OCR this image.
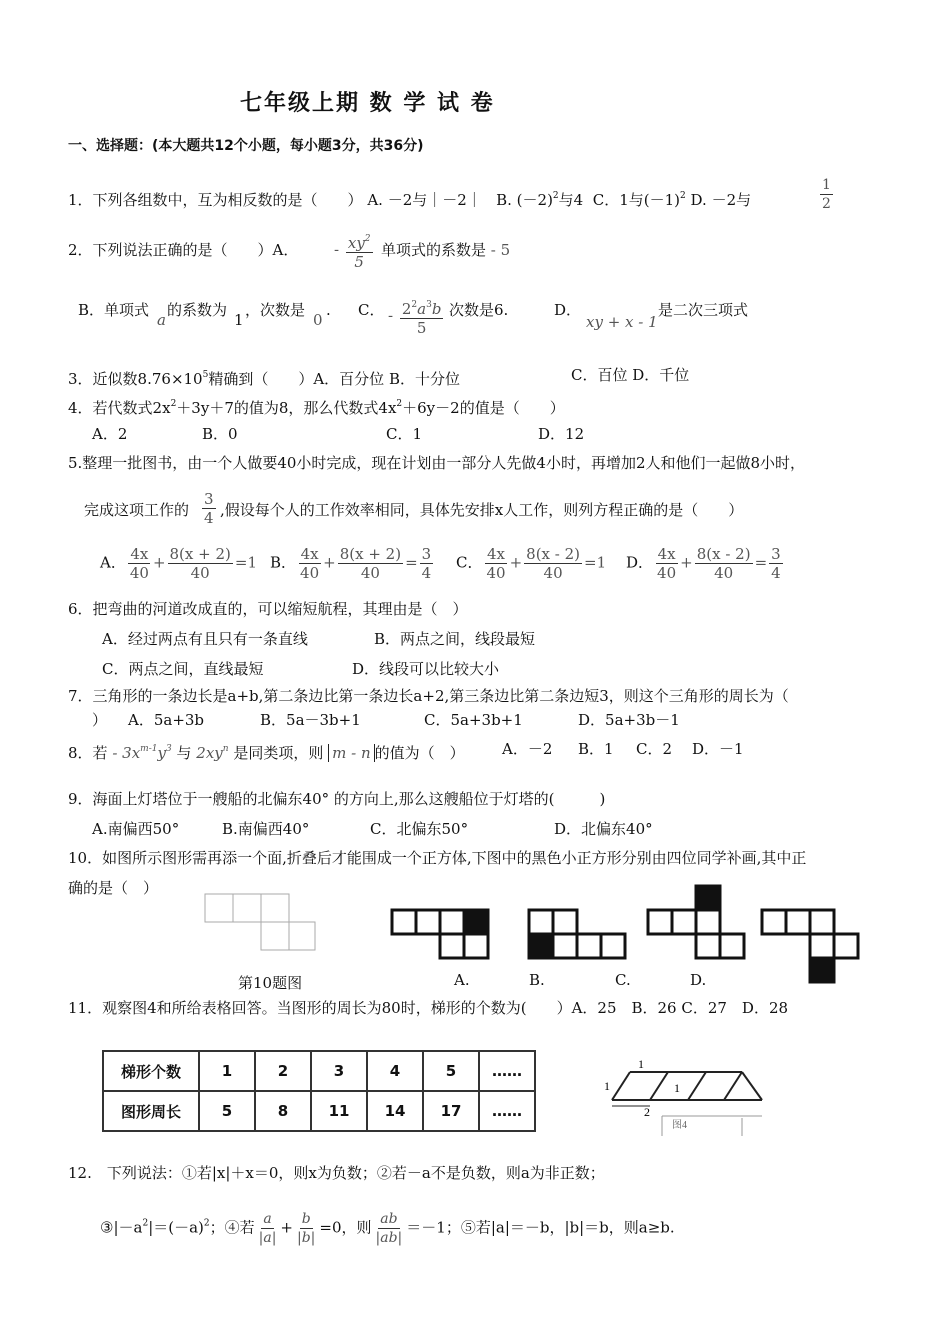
七年级上期 数 学 试 卷
一、选择题：(本大题共12个小题，每小题3分，共36分)
1．下列各组数中，互为相反数的是（　　） A. －2与｜－2｜ B. $(-2)^2$与4 C．1与$(-1)^2$ D. －2与	$\frac{1}{2}$
2．下列说法正确的是（　　）A． - $\frac{xy^2}{5}$ 单项式的系数是 - 5
B．单项式
a
的系数为
1
，次数是
0
. C． - $\frac{2^2a^3b}{5}$ 次数是6.	D．
xy + x - 1
是二次三项式
3．近似数$8.76\times 10^5$精确到（　　）A．百分位 B．十分位	C．百位 D．千位
4．若代数式$2x^2+3y+7$的值为8，那么代数式$4x^2+6y-2$的值是（　　）
A．2	B．0	C．1	D．12
5.整理一批图书，由一个人做要40小时完成，现在计划由一部分人先做4小时，再增加2人和他们一起做8小时，
完成这项工作的 $\frac{3}{4}$ ,假设每个人的工作效率相同，具体先安排x人工作，则列方程正确的是（　　）
A． $\frac{4x}{40} + \frac{8(x + 2)}{40} =1$ B． $\frac{4x}{40} + \frac{8(x + 2)}{40} = \frac{3}{4}$ C． $\frac{4x}{40} + \frac{8(x - 2)}{40} =1$ D． $\frac{4x}{40} + \frac{8(x - 2)}{40} = \frac{3}{4}$
6．把弯曲的河道改成直的，可以缩短航程，其理由是（　）
A．经过两点有且只有一条直线	B．两点之间，线段最短
C．两点之间，直线最短	D．线段可以比较大小
7．三角形的一条边长是a+b,第二条边比第一条边长a+2,第三条边比第二条边短3，则这个三角形的周长为（
） A．5a+3b	B．5a－3b+1	C．5a+3b+1	D．5a+3b－1
8．若 - $3x^{m-1}y^3$ 与 $2xy^n$ 是同类项，则 m - n 的值为（　） A．－2 B．1 C．2 D．－1
9．海面上灯塔位于一艘船的北偏东40° 的方向上,那么这艘船位于灯塔的(　　　)
A.南偏西50°	B.南偏西40°	C．北偏东50°	D．北偏东40°
10．如图所示图形需再添一个面,折叠后才能围成一个正方体,下图中的黑色小正方形分别由四位同学补画,其中正
确的是（　）
第10题图	A.	B.	C.	D.
11．观察图4和所给表格回答。当图形的周长为80时，梯形的个数为(　　）A．25　B．26 C．27　D．28
梯形个数	1	2	3	4	5	……
图形周长	5	8	11	14	17	……
1
1	1
2
图4
12.　下列说法：①若|x|＋x＝0，则x为负数；②若－a不是负数，则a为非正数；
$③|-a^2|=(-a)^2$；④若 $\frac{a}{|a|} + \frac{b}{|b|} =0$，则 $\frac{ab}{|ab|} =-1$；⑤若|a|＝－b，|b|＝b，则a≥b.
